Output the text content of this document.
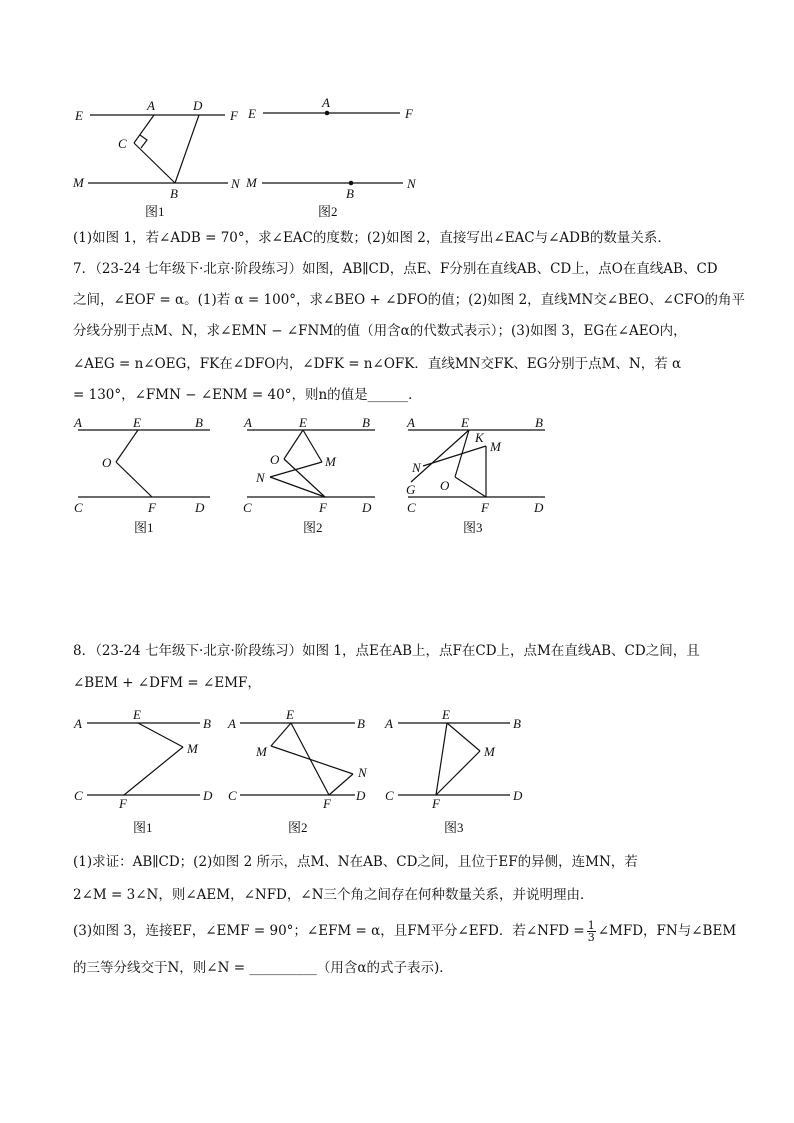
E
A	D
F
C
M
B
N
图1
E
A
F
M
B
N
图2
(1)如图 1，若∠ADB = 70°，求∠EAC的度数；(2)如图 2，直接写出∠EAC与∠ADB的数量关系．
7．（23-24 七年级下·北京·阶段练习）如图，AB∥CD，点E、F分别在直线AB、CD上，点O在直线AB、CD
之间，∠EOF = α。(1)若 α = 100°，求∠BEO + ∠DFO的值；(2)如图 2，直线MN交∠BEO、∠CFO的角平
分线分别于点M、N，求∠EMN − ∠FNM的值（用含α的代数式表示）；(3)如图 3，EG在∠AEO内，
∠AEG = n∠OEG，FK在∠DFO内，∠DFK = n∠OFK．直线MN交FK、EG分别于点M、N，若 α
= 130°，∠FMN − ∠ENM = 40°，则n的值是______．
A	E	B
O
C	F	D
图1
A	E	B
O	M
N
C	F	D
图2
A	E	B
K
M
N
G O
C	F	D
图3
8．（23-24 七年级下·北京·阶段练习）如图 1，点E在AB上，点F在CD上，点M在直线AB、CD之间，且
∠BEM + ∠DFM = ∠EMF，
A
E
B
M
C
F
D
图1
A
E
B
M
N
C
F
D
图2
A
E
B
M
C
F
D
图3
(1)求证：AB∥CD；(2)如图 2 所示，点M、N在AB、CD之间，且位于EF的异侧，连MN，若
2∠M = 3∠N，则∠AEM，∠NFD，∠N三个角之间存在何种数量关系，并说明理由．
(3)如图 3，连接EF，∠EMF = 90°；∠EFM = α，且FM平分∠EFD．若∠NFD = $\frac{1}{3}$ ∠MFD，FN与∠BEM
的三等分线交于N，则∠N = __________（用含α的式子表示)．
